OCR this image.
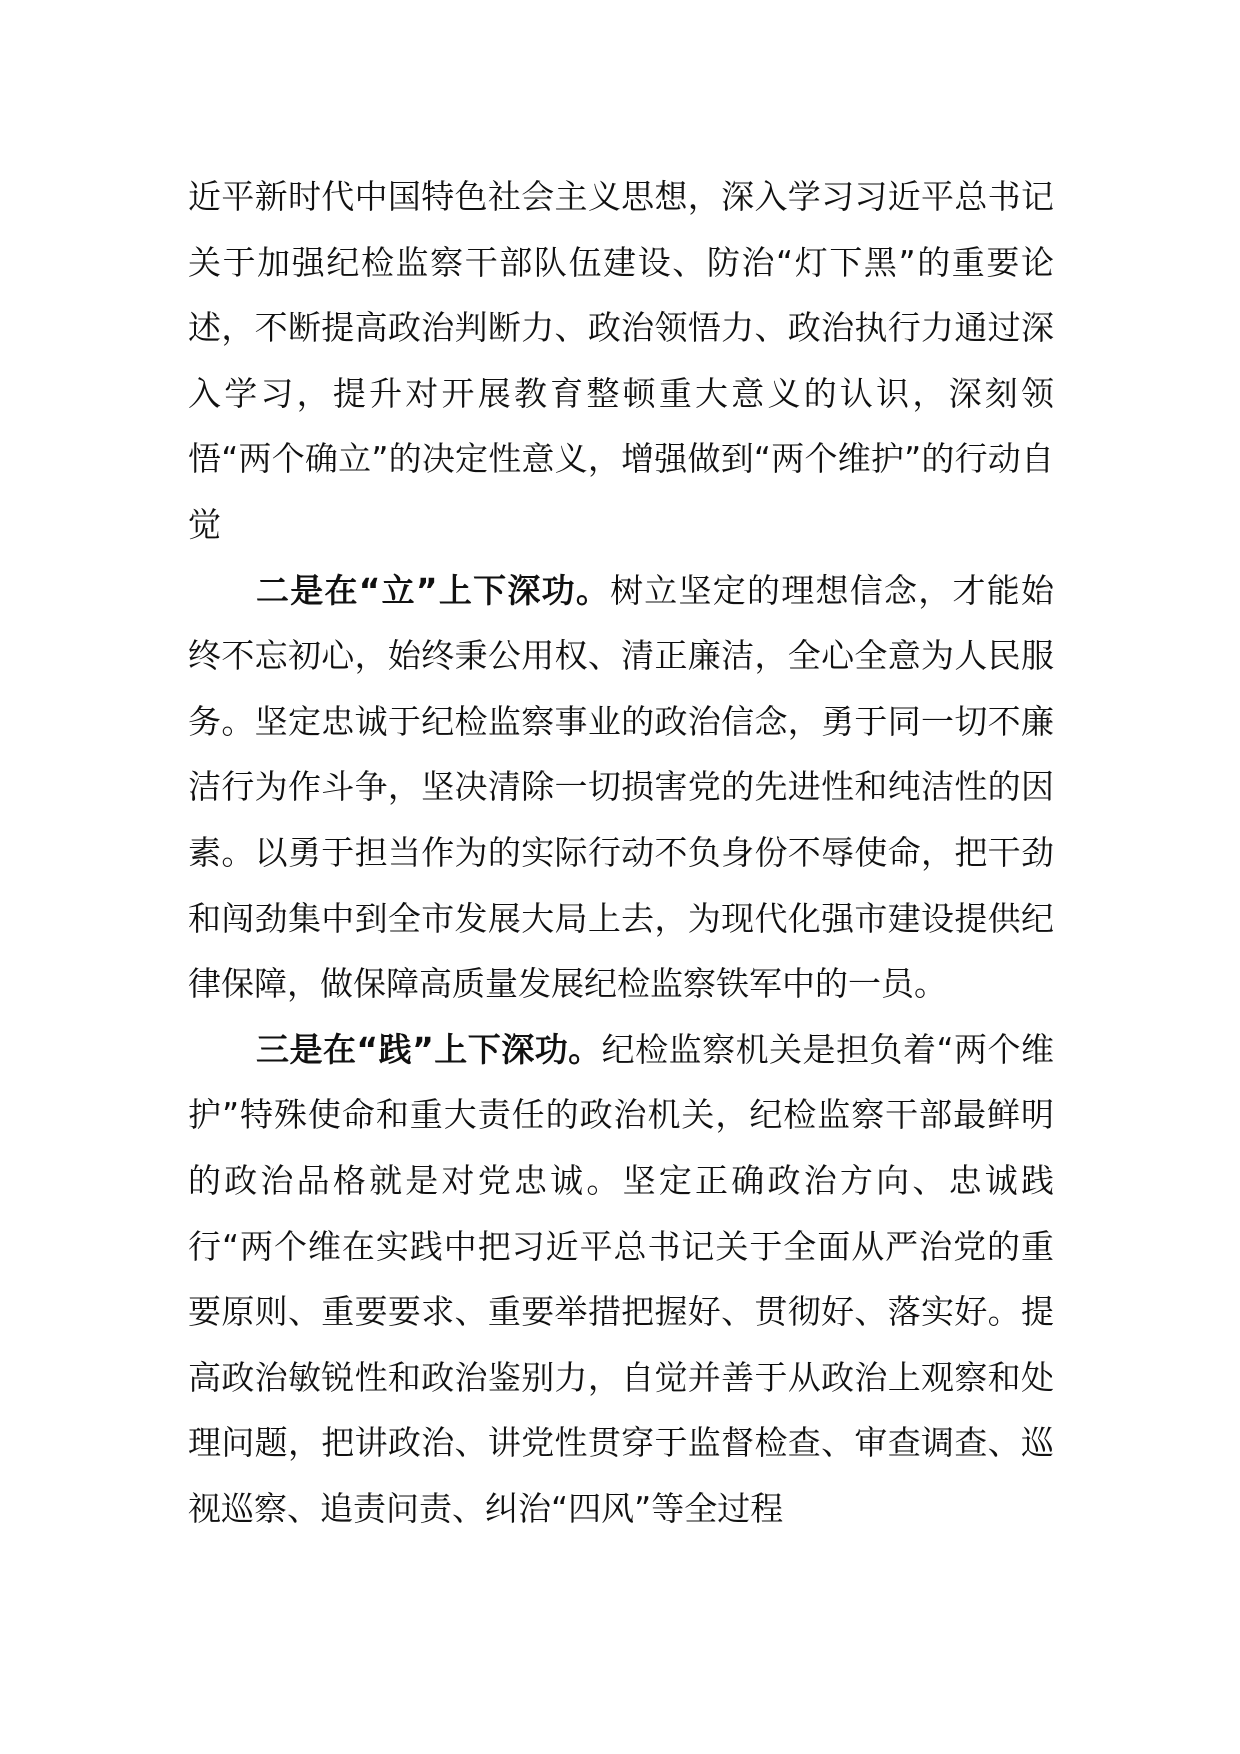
近平新时代中国特色社会主义思想，深入学习习近平总书记关于加强纪检监察干部队伍建设、防治“灯下黑”的重要论述，不断提高政治判断力、政治领悟力、政治执行力通过深入学习，提升对开展教育整顿重大意义的认识，深刻领悟“两个确立”的决定性意义，增强做到“两个维护”的行动自觉

二是在“立”上下深功。树立坚定的理想信念，才能始终不忘初心，始终秉公用权、清正廉洁，全心全意为人民服务。坚定忠诚于纪检监察事业的政治信念，勇于同一切不廉洁行为作斗争，坚决清除一切损害党的先进性和纯洁性的因素。以勇于担当作为的实际行动不负身份不辱使命，把干劲和闯劲集中到全市发展大局上去，为现代化强市建设提供纪律保障，做保障高质量发展纪检监察铁军中的一员。

三是在“践”上下深功。纪检监察机关是担负着“两个维护”特殊使命和重大责任的政治机关，纪检监察干部最鲜明的政治品格就是对党忠诚。坚定正确政治方向、忠诚践行“两个维在实践中把习近平总书记关于全面从严治党的重要原则、重要要求、重要举措把握好、贯彻好、落实好。提高政治敏锐性和政治鉴别力，自觉并善于从政治上观察和处理问题，把讲政治、讲党性贯穿于监督检查、审查调查、巡视巡察、追责问责、纠治“四风”等全过程
